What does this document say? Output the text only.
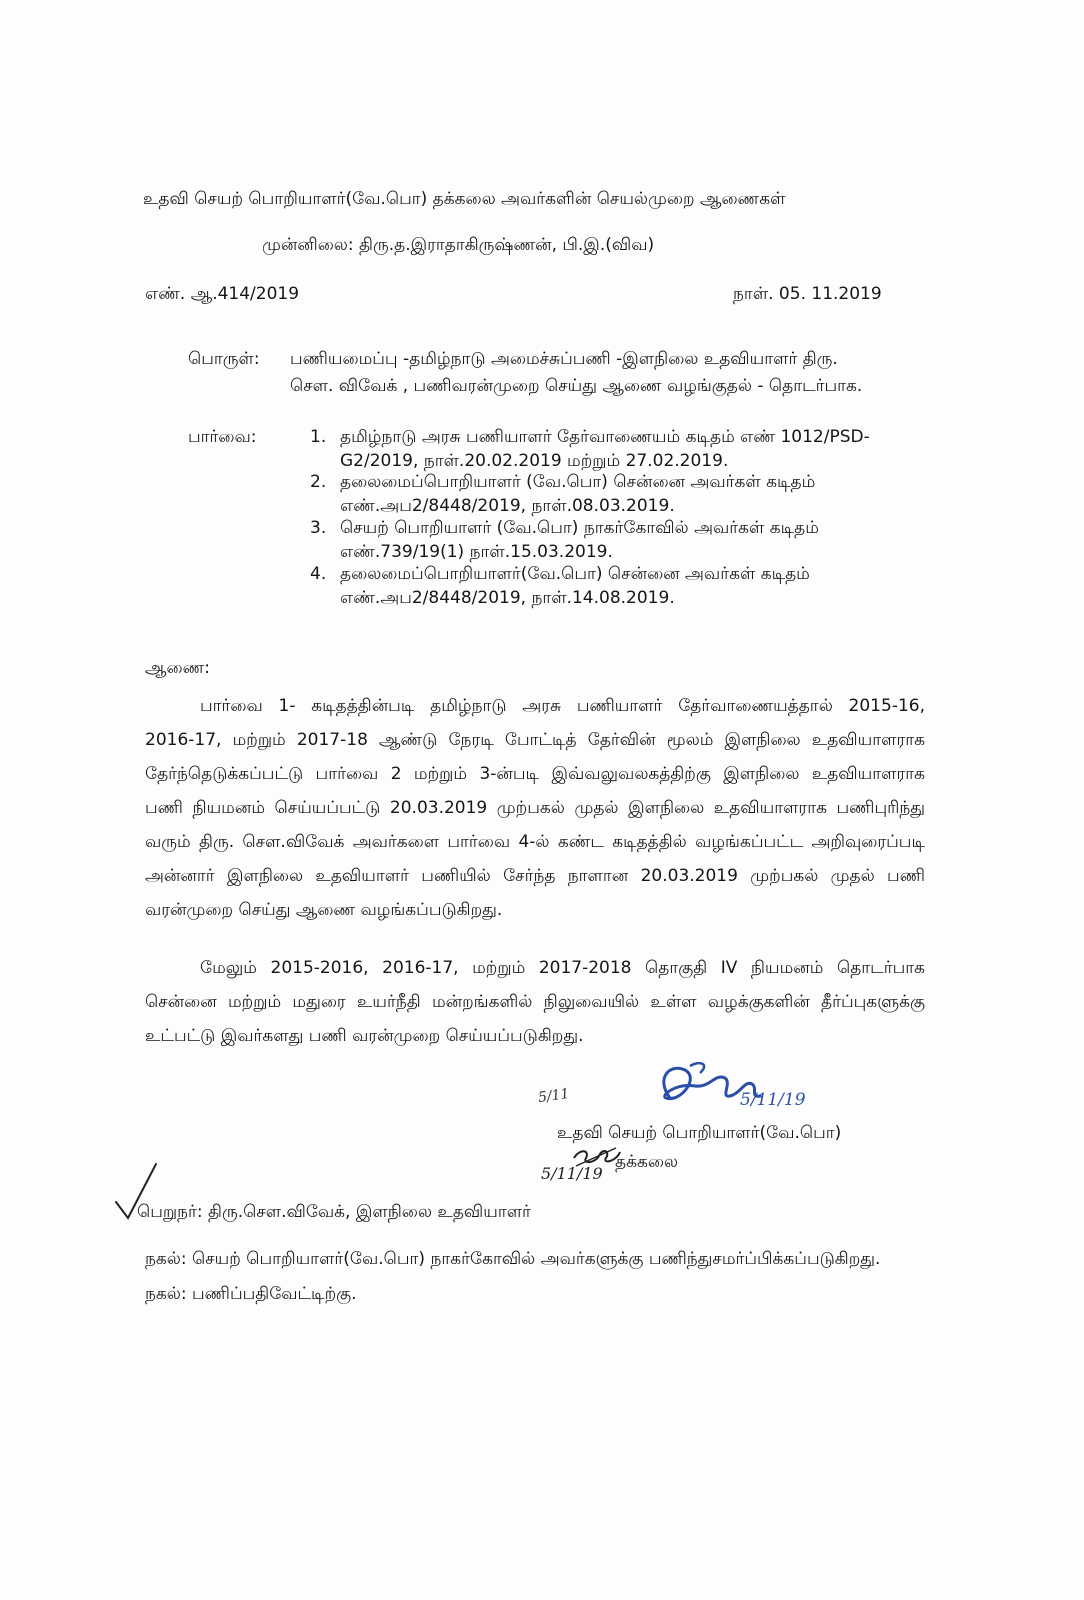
உதவி செயற் பொறியாளர்(வே.பொ) தக்கலை அவர்களின் செயல்முறை ஆணைகள்
முன்னிலை: திரு.த.இராதாகிருஷ்ணன், பி.இ.(விவ)
எண். ஆ.414/2019	நாள். 05. 11.2019
பொருள்: பணியமைப்பு -தமிழ்நாடு அமைச்சுப்பணி -இளநிலை உதவியாளர் திரு.
செள. விவேக் , பணிவரன்முறை செய்து ஆணை வழங்குதல் - தொடர்பாக.
பார்வை:	1. தமிழ்நாடு அரசு பணியாளர் தேர்வாணையம் கடிதம் எண் 1012/PSD-
G2/2019, நாள்.20.02.2019 மற்றும் 27.02.2019.
2. தலைமைப்பொறியாளர் (வே.பொ) சென்னை அவர்கள் கடிதம்
எண்.அப2/8448/2019, நாள்.08.03.2019.
3. செயற் பொறியாளர் (வே.பொ) நாகர்கோவில் அவர்கள் கடிதம்
எண்.739/19(1) நாள்.15.03.2019.
4. தலைமைப்பொறியாளர்(வே.பொ) சென்னை அவர்கள் கடிதம்
எண்.அப2/8448/2019, நாள்.14.08.2019.
ஆணை:
பார்வை 1- கடிதத்தின்படி தமிழ்நாடு அரசு பணியாளர் தேர்வாணையத்தால் 2015-16,
2016-17, மற்றும் 2017-18 ஆண்டு நேரடி போட்டித் தேர்வின் மூலம் இளநிலை உதவியாளராக
தேர்ந்தெடுக்கப்பட்டு பார்வை 2 மற்றும் 3-ன்படி இவ்வலுவலகத்திற்கு இளநிலை உதவியாளராக
பணி நியமனம் செய்யப்பட்டு 20.03.2019 முற்பகல் முதல் இளநிலை உதவியாளராக பணிபுரிந்து
வரும் திரு. செள.விவேக் அவர்களை பார்வை 4-ல் கண்ட கடிதத்தில் வழங்கப்பட்ட அறிவுரைப்படி
அன்னார் இளநிலை உதவியாளர் பணியில் சேர்ந்த நாளான 20.03.2019 முற்பகல் முதல் பணி
வரன்முறை செய்து ஆணை வழங்கப்படுகிறது.
மேலும் 2015-2016, 2016-17, மற்றும் 2017-2018 தொகுதி IV நியமனம் தொடர்பாக
சென்னை மற்றும் மதுரை உயர்நீதி மன்றங்களில் நிலுவையில் உள்ள வழக்குகளின் தீர்ப்புகளுக்கு
உட்பட்டு இவர்களது பணி வரன்முறை செய்யப்படுகிறது.
5/11	5/11/19
உதவி செயற் பொறியாளர்(வே.பொ)
5/11/19
தக்கலை
பெறுநர்: திரு.செள.விவேக், இளநிலை உதவியாளர்
நகல்: செயற் பொறியாளர்(வே.பொ) நாகர்கோவில் அவர்களுக்கு பணிந்துசமர்ப்பிக்கப்படுகிறது.
நகல்: பணிப்பதிவேட்டிற்கு.
